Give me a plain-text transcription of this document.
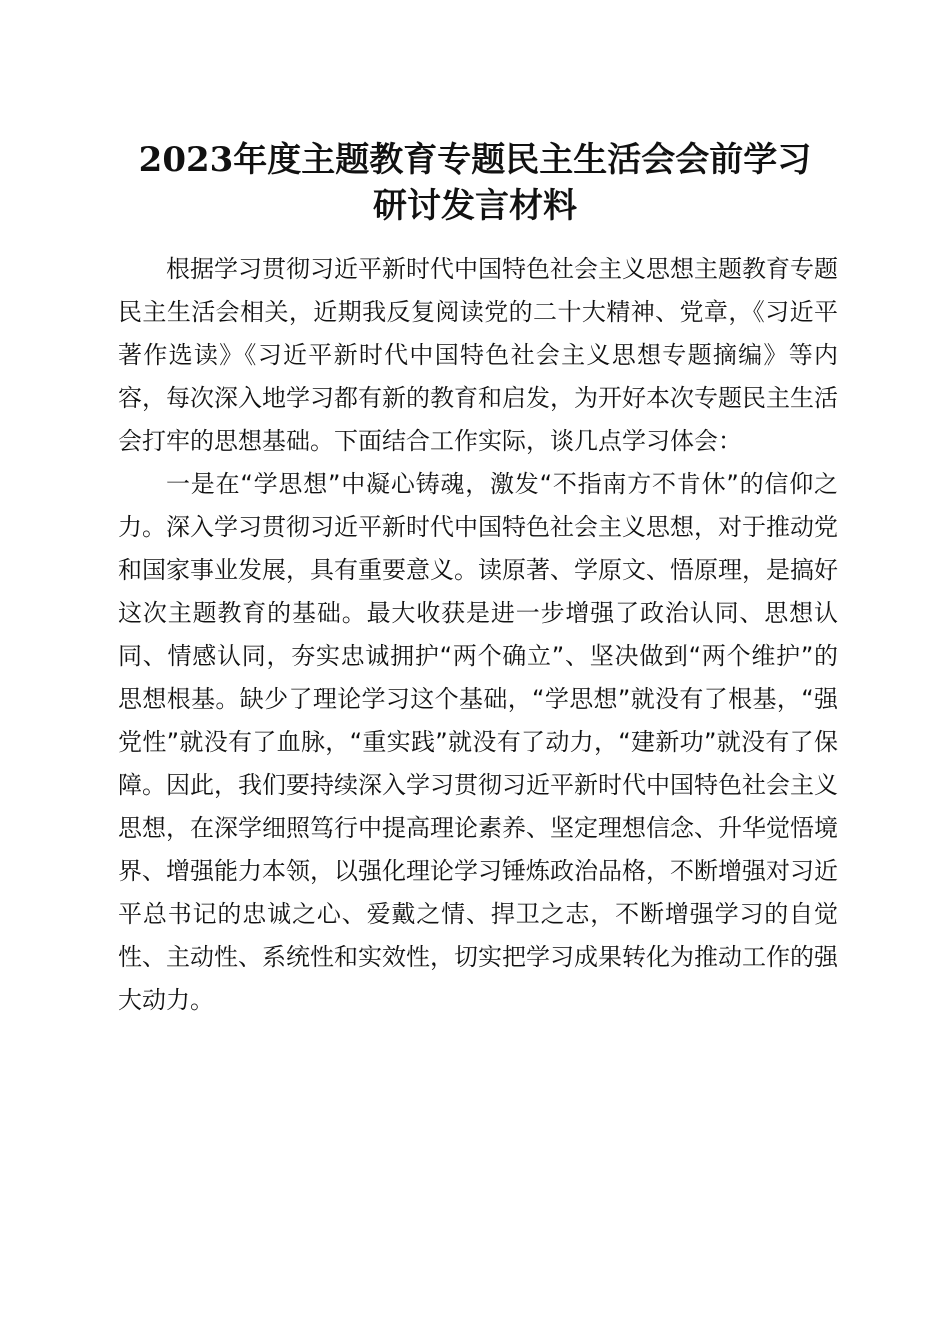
2023年度主题教育专题民主生活会会前学习
研讨发言材料

根据学习贯彻习近平新时代中国特色社会主义思想主题教育专题民主生活会相关，近期我反复阅读党的二十大精神、党章，《习近平著作选读》《习近平新时代中国特色社会主义思想专题摘编》等内容，每次深入地学习都有新的教育和启发，为开好本次专题民主生活会打牢的思想基础。下面结合工作实际，谈几点学习体会：

一是在“学思想”中凝心铸魂，激发“不指南方不肯休”的信仰之力。深入学习贯彻习近平新时代中国特色社会主义思想，对于推动党和国家事业发展，具有重要意义。读原著、学原文、悟原理，是搞好这次主题教育的基础。最大收获是进一步增强了政治认同、思想认同、情感认同，夯实忠诚拥护“两个确立”、坚决做到“两个维护”的思想根基。缺少了理论学习这个基础，“学思想”就没有了根基，“强党性”就没有了血脉，“重实践”就没有了动力，“建新功”就没有了保障。因此，我们要持续深入学习贯彻习近平新时代中国特色社会主义思想，在深学细照笃行中提高理论素养、坚定理想信念、升华觉悟境界、增强能力本领，以强化理论学习锤炼政治品格，不断增强对习近平总书记的忠诚之心、爱戴之情、捍卫之志，不断增强学习的自觉性、主动性、系统性和实效性，切实把学习成果转化为推动工作的强大动力。
